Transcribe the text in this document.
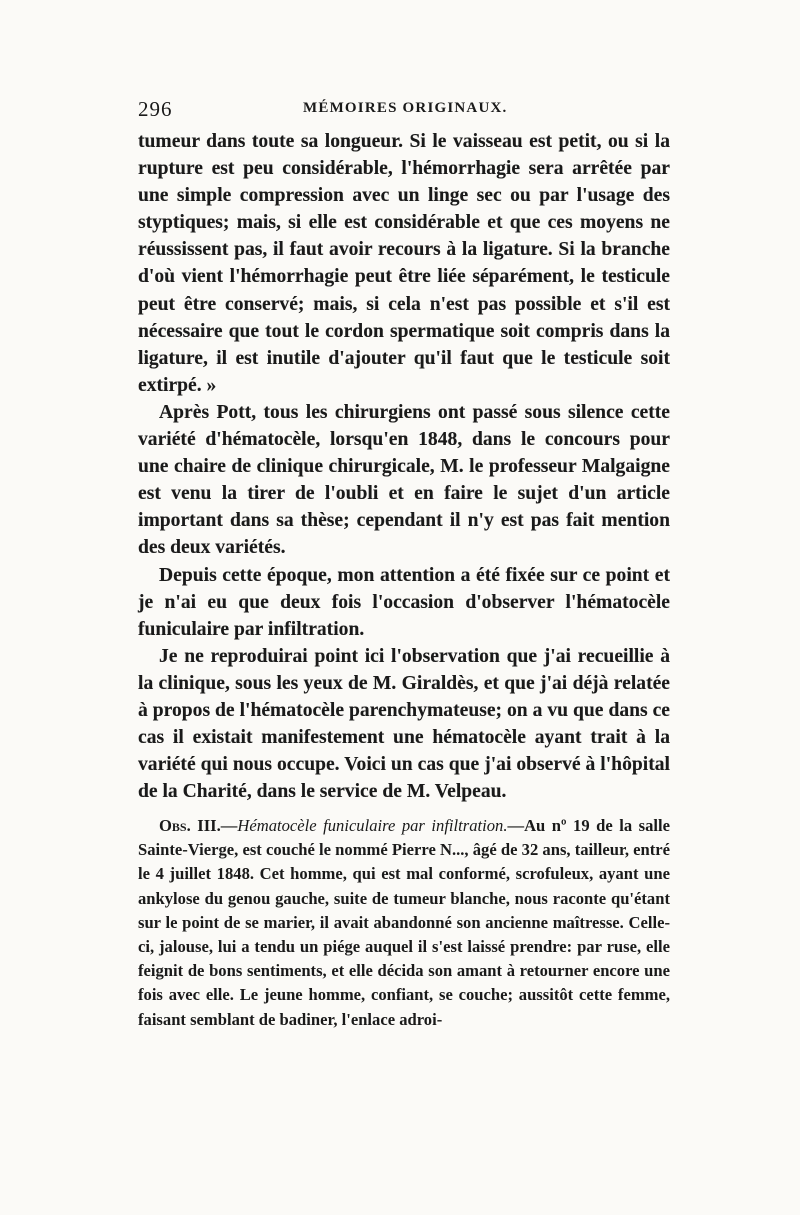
296	MÉMOIRES ORIGINAUX.

tumeur dans toute sa longueur. Si le vaisseau est petit, ou si la rupture est peu considérable, l'hémorrhagie sera arrêtée par une simple compression avec un linge sec ou par l'usage des styptiques; mais, si elle est considérable et que ces moyens ne réussissent pas, il faut avoir recours à la ligature. Si la branche d'où vient l'hémorrhagie peut être liée séparément, le testicule peut être conservé; mais, si cela n'est pas possible et s'il est nécessaire que tout le cordon spermatique soit compris dans la ligature, il est inutile d'ajouter qu'il faut que le testicule soit extirpé. »

Après Pott, tous les chirurgiens ont passé sous silence cette variété d'hématocèle, lorsqu'en 1848, dans le concours pour une chaire de clinique chirurgicale, M. le professeur Malgaigne est venu la tirer de l'oubli et en faire le sujet d'un article important dans sa thèse; cependant il n'y est pas fait mention des deux variétés.

Depuis cette époque, mon attention a été fixée sur ce point et je n'ai eu que deux fois l'occasion d'observer l'hématocèle funiculaire par infiltration.

Je ne reproduirai point ici l'observation que j'ai recueillie à la clinique, sous les yeux de M. Giraldès, et que j'ai déjà relatée à propos de l'hématocèle parenchymateuse; on a vu que dans ce cas il existait manifestement une hématocèle ayant trait à la variété qui nous occupe. Voici un cas que j'ai observé à l'hôpital de la Charité, dans le service de M. Velpeau.

Obs. III.—Hématocèle funiculaire par infiltration.—Au nº 19 de la salle Sainte-Vierge, est couché le nommé Pierre N..., âgé de 32 ans, tailleur, entré le 4 juillet 1848. Cet homme, qui est mal conformé, scrofuleux, ayant une ankylose du genou gauche, suite de tumeur blanche, nous raconte qu'étant sur le point de se marier, il avait abandonné son ancienne maîtresse. Celle-ci, jalouse, lui a tendu un piége auquel il s'est laissé prendre: par ruse, elle feignit de bons sentiments, et elle décida son amant à retourner encore une fois avec elle. Le jeune homme, confiant, se couche; aussitôt cette femme, faisant semblant de badiner, l'enlace adroi-
